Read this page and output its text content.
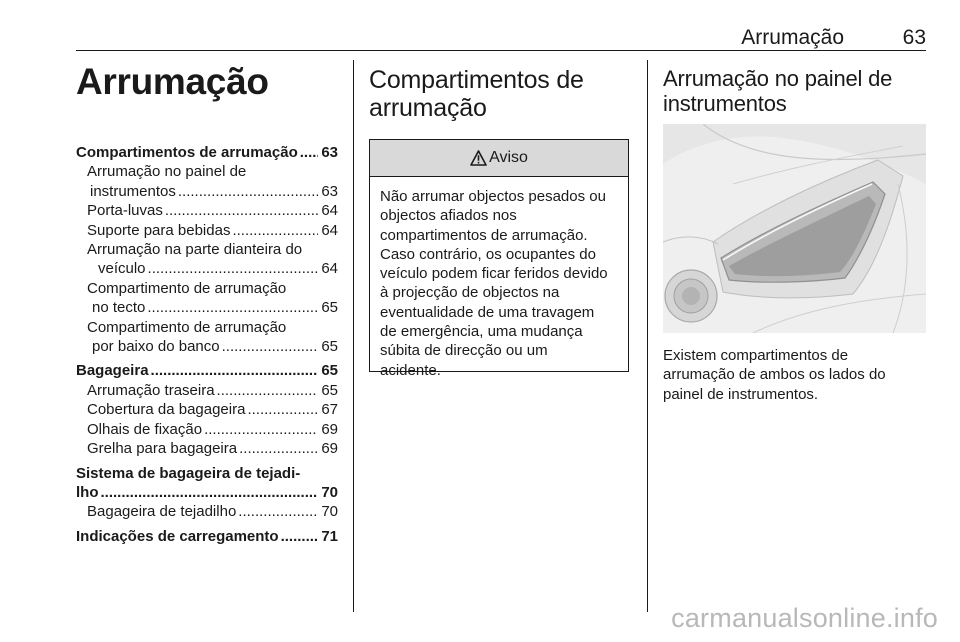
Arrumação	63
Arrumação
Compartimentos de arrumação ..... 63
Arrumação no painel de
instrumentos .....	63
Porta-luvas .....	64
Suporte para bebidas .....	64
Arrumação na parte dianteira do
veículo .....	64
Compartimento de arrumação
no tecto .....	65
Compartimento de arrumação
por baixo do banco .....	65
Bagageira .....	65
Arrumação traseira .....	65
Cobertura da bagageira .....	67
Olhais de fixação .....	69
Grelha para bagageira .....	69
Sistema de bagageira de tejadi-
lho .....	70
Bagageira de tejadilho .....	70
Indicações de carregamento .....	71
Compartimentos de
arrumação
Aviso
Não arrumar objectos pesados ou
objectos afiados nos
compartimentos de arrumação.
Caso contrário, os ocupantes do
veículo podem ficar feridos devido
à projecção de objectos na
eventualidade de uma travagem
de emergência, uma mudança
súbita de direcção ou um
acidente.
Arrumação no painel de
instrumentos
Existem compartimentos de
arrumação de ambos os lados do
painel de instrumentos.
carmanualsonline.info
